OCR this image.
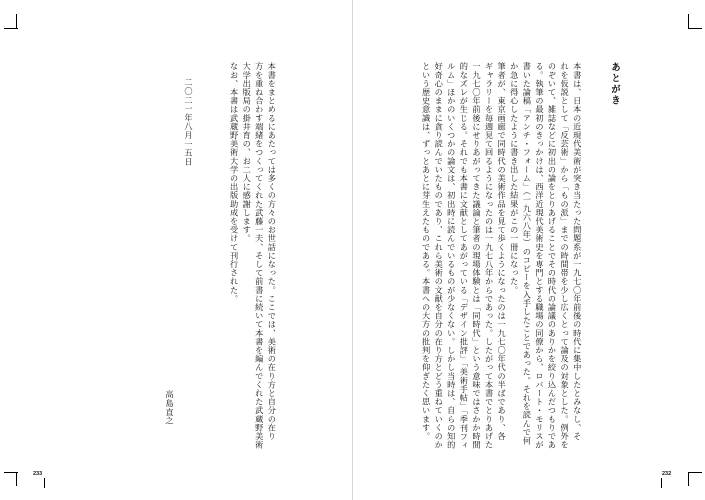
あとがき

本書は、日本の近現代美術が突き当たった問題系が一九七〇年前後の時代に集中したとみなし、そ

れを仮説として「反芸術」から「もの派」までの時間帯を少し広くとって論及の対象とした。例外を

のぞいて、雑誌などに初出の論をとりあげることでその時代の論議のありかを絞り込んだつもりであ

る。執筆の最初のきっかけは、西洋近現代美術史を専門とする職場の同僚から、ロバート・モリスが

書いた論稿「アンチ・フォーム」（一九六八年）のコピーを入手したことであった。それを読んで何

か急に得心したように書き出した結果がこの一冊になった。

筆者が、東京画廊で同時代の美術作品を見て歩くようになったのは一九七〇年代の半ばであり、各

ギャラリーを毎週見て回るようになったのは一九七八年からであった。したがって本書でとりあげた

一九七〇年前後にせりあがってきた議論と筆者の現場体験とは「同時代」という意味ではさかか時間

的なズレが生じる。それでも本書に文献としてあがっている「デザイン批評」「美術手帖」「季刊フィ

ルム」ほかのいくつかの論文は、初出時に読んでいるものが少なくない。しかし当時は、自らの知的

好奇心のままに貪り読んでいたものであり、これら美術の文献を自分の在り方とどう重ねていくのか

という歴史意識は、ずっとあとに芽生えたものである。本書への大方の批判を仰ぎたく思います。

本書をまとめるにあたっては多くの方々のお世話になった。ここでは、美術の在り方と自分の在り

方を重ね合わす端緒をつくってくれた武藤一夫、そして前書に続いて本書を編んでくれた武蔵野美術

大学出版局の掛井育の、お二人に感謝します。

なお、本書は武蔵野美術大学の出版助成を受けて刊行された。

二〇二一年八月一五日
高島直之
233	232
